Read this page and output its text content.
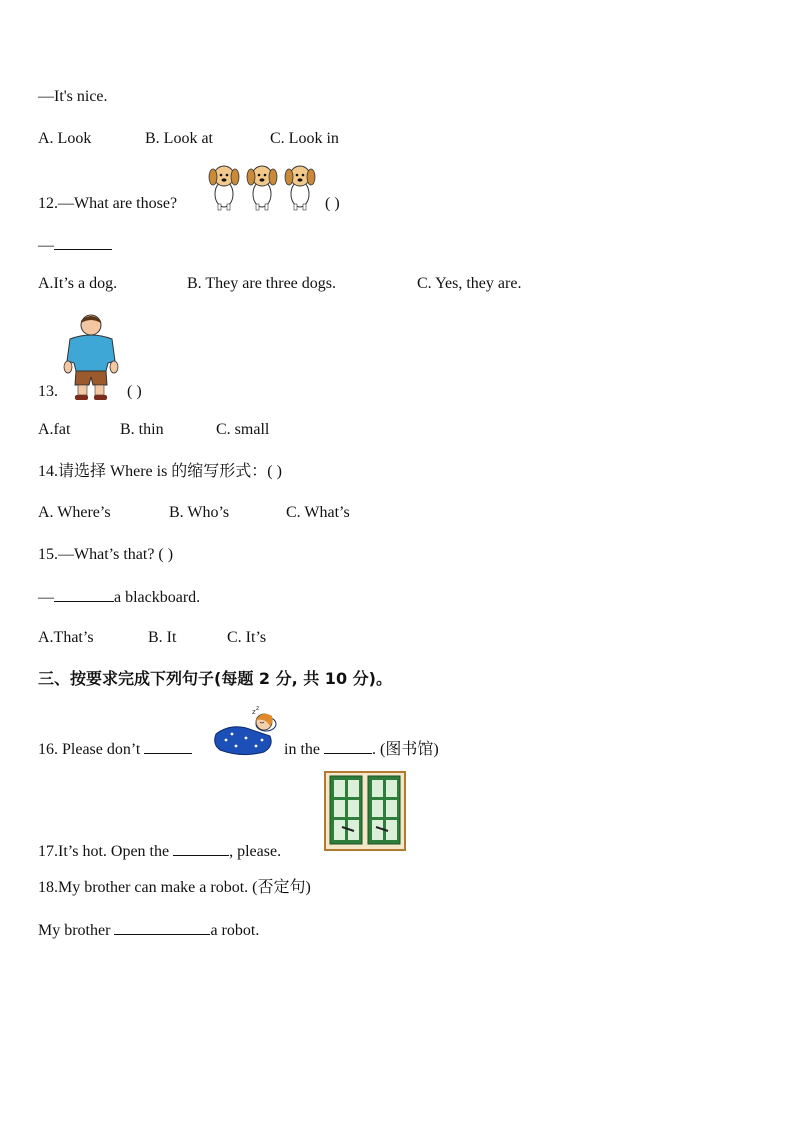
—It's nice.
A. Look	B. Look at	C. Look in
12.—What are those?	( )
—
A.It’s a dog.	B. They are three dogs.	C. Yes, they are.
13.	( )
A.fat	B. thin	C. small
14.请选择 Where is 的缩写形式：( )
A. Where’s	B. Who’s	C. What’s
15.—What’s that? ( )
—	a blackboard.
A.That’s	B. It	C. It’s
三、按要求完成下列句子(每题 2 分, 共 10 分)。
16. Please don’t
z z
in the	. (图书馆)
17.It’s hot. Open the	, please.
18.My brother can make a robot. (否定句)
My brother	a robot.
